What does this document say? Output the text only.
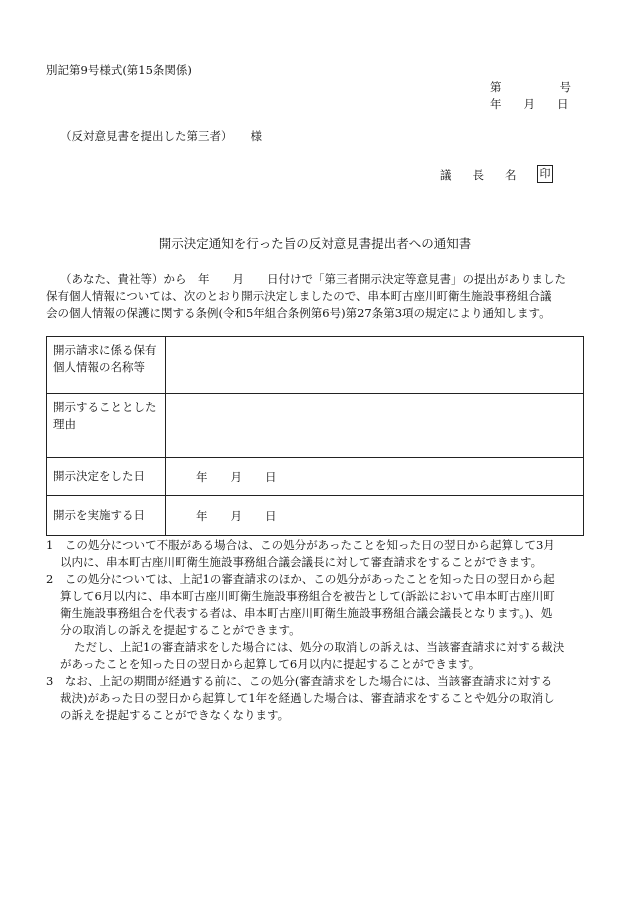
別記第9号様式(第15条関係)
第	号
年 月 日
（反対意見書を提出した第三者） 様
議長名 印
開示決定通知を行った旨の反対意見書提出者への通知書

（あなた、貴社等）から　年　　月　　日付けで「第三者開示決定等意見書」の提出がありました

保有個人情報については、次のとおり開示決定しましたので、串本町古座川町衛生施設事務組合議

会の個人情報の保護に関する条例(令和5年組合条例第6号)第27条第3項の規定により通知します。

開示請求に係る保有個人情報の名称等	
開示することとした理由	
開示決定をした日	年　　月　　日
開示を実施する日	年　　月　　日

1　この処分について不服がある場合は、この処分があったことを知った日の翌日から起算して3月

以内に、串本町古座川町衛生施設事務組合議会議長に対して審査請求をすることができます。

2　この処分については、上記1の審査請求のほか、この処分があったことを知った日の翌日から起

算して6月以内に、串本町古座川町衛生施設事務組合を被告として(訴訟において串本町古座川町

衛生施設事務組合を代表する者は、串本町古座川町衛生施設事務組合議会議長となります。)、処

分の取消しの訴えを提起することができます。

ただし、上記1の審査請求をした場合には、処分の取消しの訴えは、当該審査請求に対する裁決

があったことを知った日の翌日から起算して6月以内に提起することができます。

3　なお、上記の期間が経過する前に、この処分(審査請求をした場合には、当該審査請求に対する

裁決)があった日の翌日から起算して1年を経過した場合は、審査請求をすることや処分の取消し

の訴えを提起することができなくなります。
